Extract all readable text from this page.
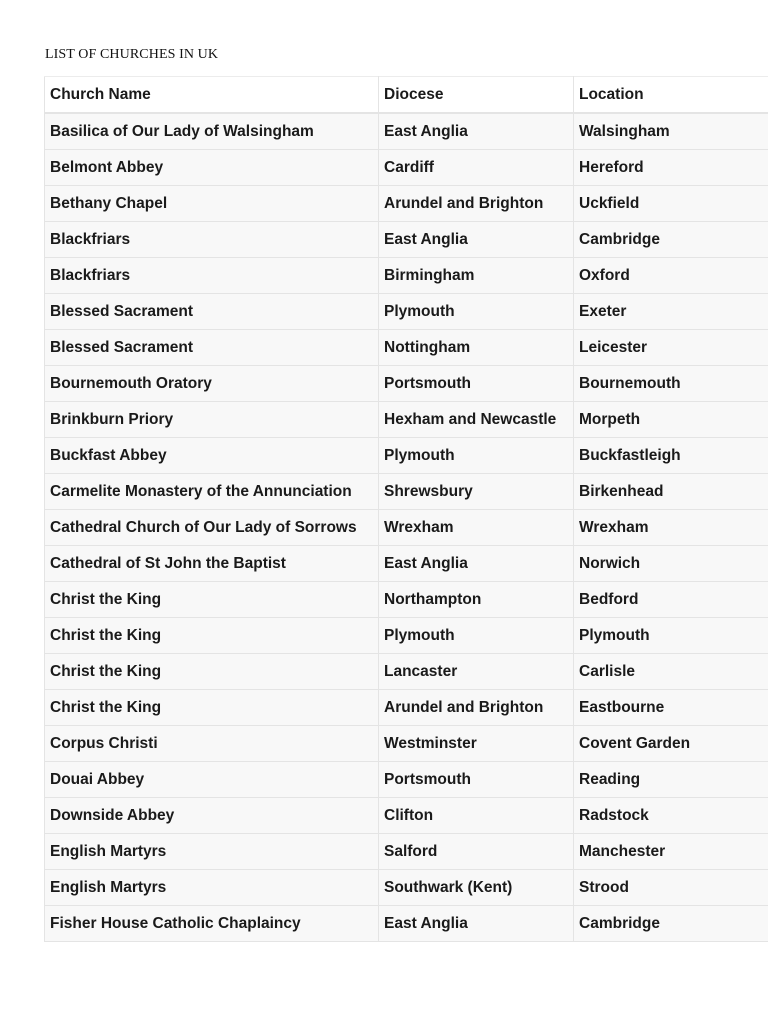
LIST OF CHURCHES IN UK
Church Name	Diocese	Location
Basilica of Our Lady of Walsingham	East Anglia	Walsingham
Belmont Abbey	Cardiff	Hereford
Bethany Chapel	Arundel and Brighton	Uckfield
Blackfriars	East Anglia	Cambridge
Blackfriars	Birmingham	Oxford
Blessed Sacrament	Plymouth	Exeter
Blessed Sacrament	Nottingham	Leicester
Bournemouth Oratory	Portsmouth	Bournemouth
Brinkburn Priory	Hexham and Newcastle	Morpeth
Buckfast Abbey	Plymouth	Buckfastleigh
Carmelite Monastery of the Annunciation	Shrewsbury	Birkenhead
Cathedral Church of Our Lady of Sorrows	Wrexham	Wrexham
Cathedral of St John the Baptist	East Anglia	Norwich
Christ the King	Northampton	Bedford
Christ the King	Plymouth	Plymouth
Christ the King	Lancaster	Carlisle
Christ the King	Arundel and Brighton	Eastbourne
Corpus Christi	Westminster	Covent Garden
Douai Abbey	Portsmouth	Reading
Downside Abbey	Clifton	Radstock
English Martyrs	Salford	Manchester
English Martyrs	Southwark (Kent)	Strood
Fisher House Catholic Chaplaincy	East Anglia	Cambridge
